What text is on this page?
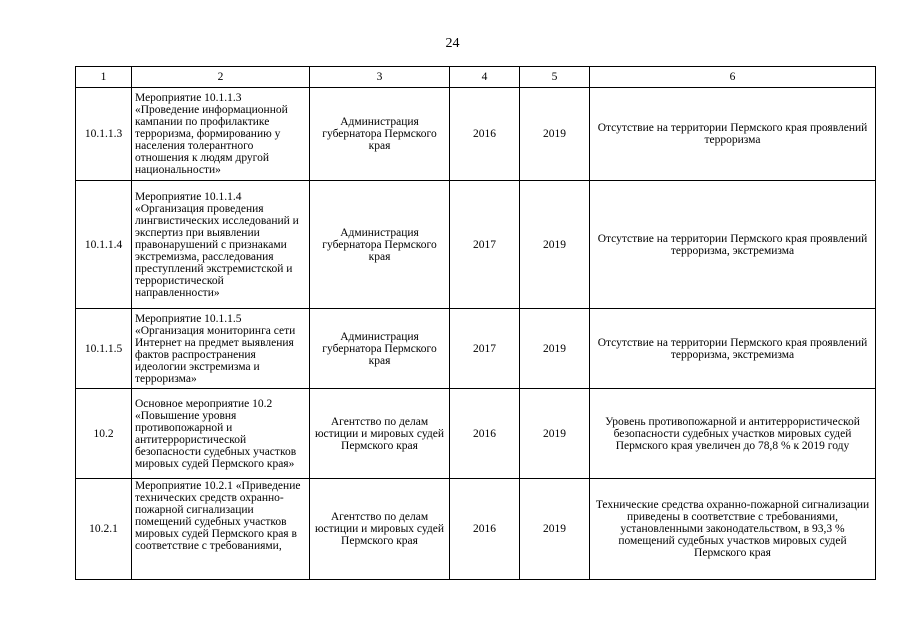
24
1	2	3	4	5	6
10.1.1.3	Мероприятие 10.1.1.3 «Проведение информационной кампании по профилактике терроризма, формированию у населения толерантного отношения к людям другой национальности»	Администрация губернатора Пермского края	2016	2019	Отсутствие на территории Пермского края проявлений терроризма
10.1.1.4	Мероприятие 10.1.1.4 «Организация проведения лингвистических исследований и экспертиз при выявлении правонарушений с признаками экстремизма, расследования преступлений экстремистской и террористической направленности»	Администрация губернатора Пермского края	2017	2019	Отсутствие на территории Пермского края проявлений терроризма, экстремизма
10.1.1.5	Мероприятие 10.1.1.5 «Организация мониторинга сети Интернет на предмет выявления фактов распространения идеологии экстремизма и терроризма»	Администрация губернатора Пермского края	2017	2019	Отсутствие на территории Пермского края проявлений терроризма, экстремизма
10.2	Основное мероприятие 10.2 «Повышение уровня противопожарной и антитеррористической безопасности судебных участков мировых судей Пермского края»	Агентство по делам юстиции и мировых судей Пермского края	2016	2019	Уровень противопожарной и антитеррористической безопасности судебных участков мировых судей Пермского края увеличен до 78,8 % к 2019 году
10.2.1	Мероприятие 10.2.1 «Приведение технических средств охранно-пожарной сигнализации помещений судебных участков мировых судей Пермского края в соответствие с требованиями,	Агентство по делам юстиции и мировых судей Пермского края	2016	2019	Технические средства охранно-пожарной сигнализации приведены в соответствие с требованиями, установленными законодательством, в 93,3 % помещений судебных участков мировых судей Пермского края
